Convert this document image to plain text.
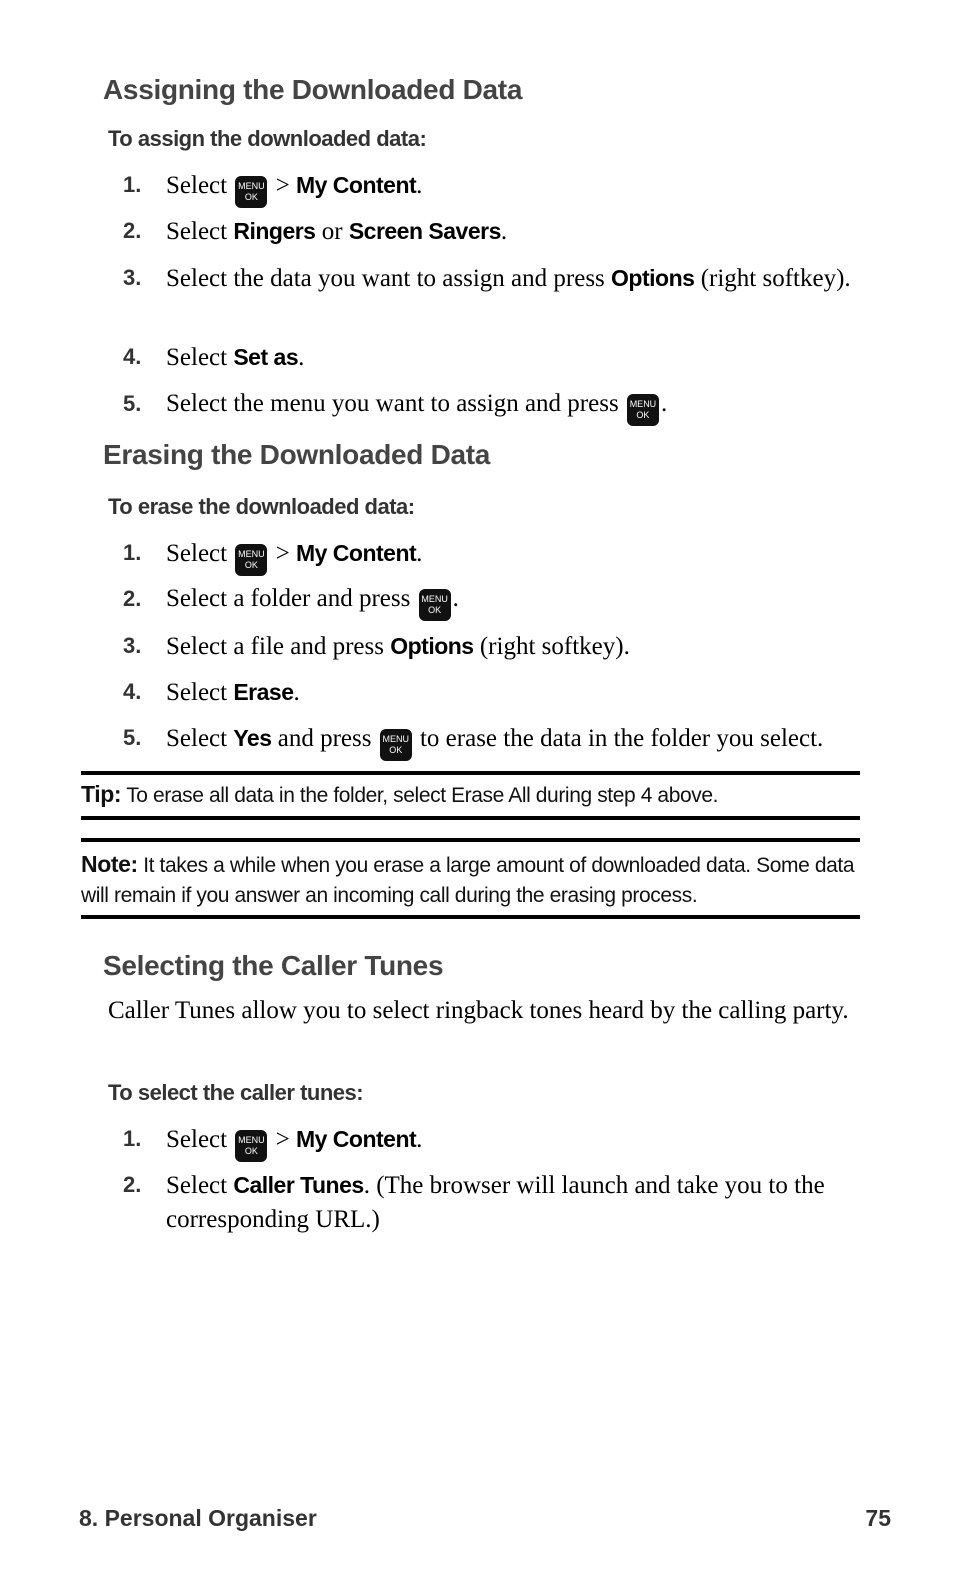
Assigning the Downloaded Data
To assign the downloaded data:
1. Select	MENU
OK > My Content.
2. Select Ringers or Screen Savers.
3. Select the data you want to assign and press Options (right softkey).
4. Select Set as.
5. Select the menu you want to assign and press	MENU
OK .
Erasing the Downloaded Data
To erase the downloaded data:
1. Select	MENU
OK > My Content.
2. Select a folder and press	MENU
OK .
3. Select a file and press Options (right softkey).
4. Select Erase.
5. Select Yes and press	MENU
OK to erase the data in the folder you select.
Tip: To erase all data in the folder, select Erase All during step 4 above.
Note: It takes a while when you erase a large amount of downloaded data. Some data will remain if you answer an incoming call during the erasing process.
Selecting the Caller Tunes
Caller Tunes allow you to select ringback tones heard by the calling party.
To select the caller tunes:
1. Select	MENU
OK > My Content.
2. Select Caller Tunes. (The browser will launch and take you to the corresponding URL.)
8. Personal Organiser	75
